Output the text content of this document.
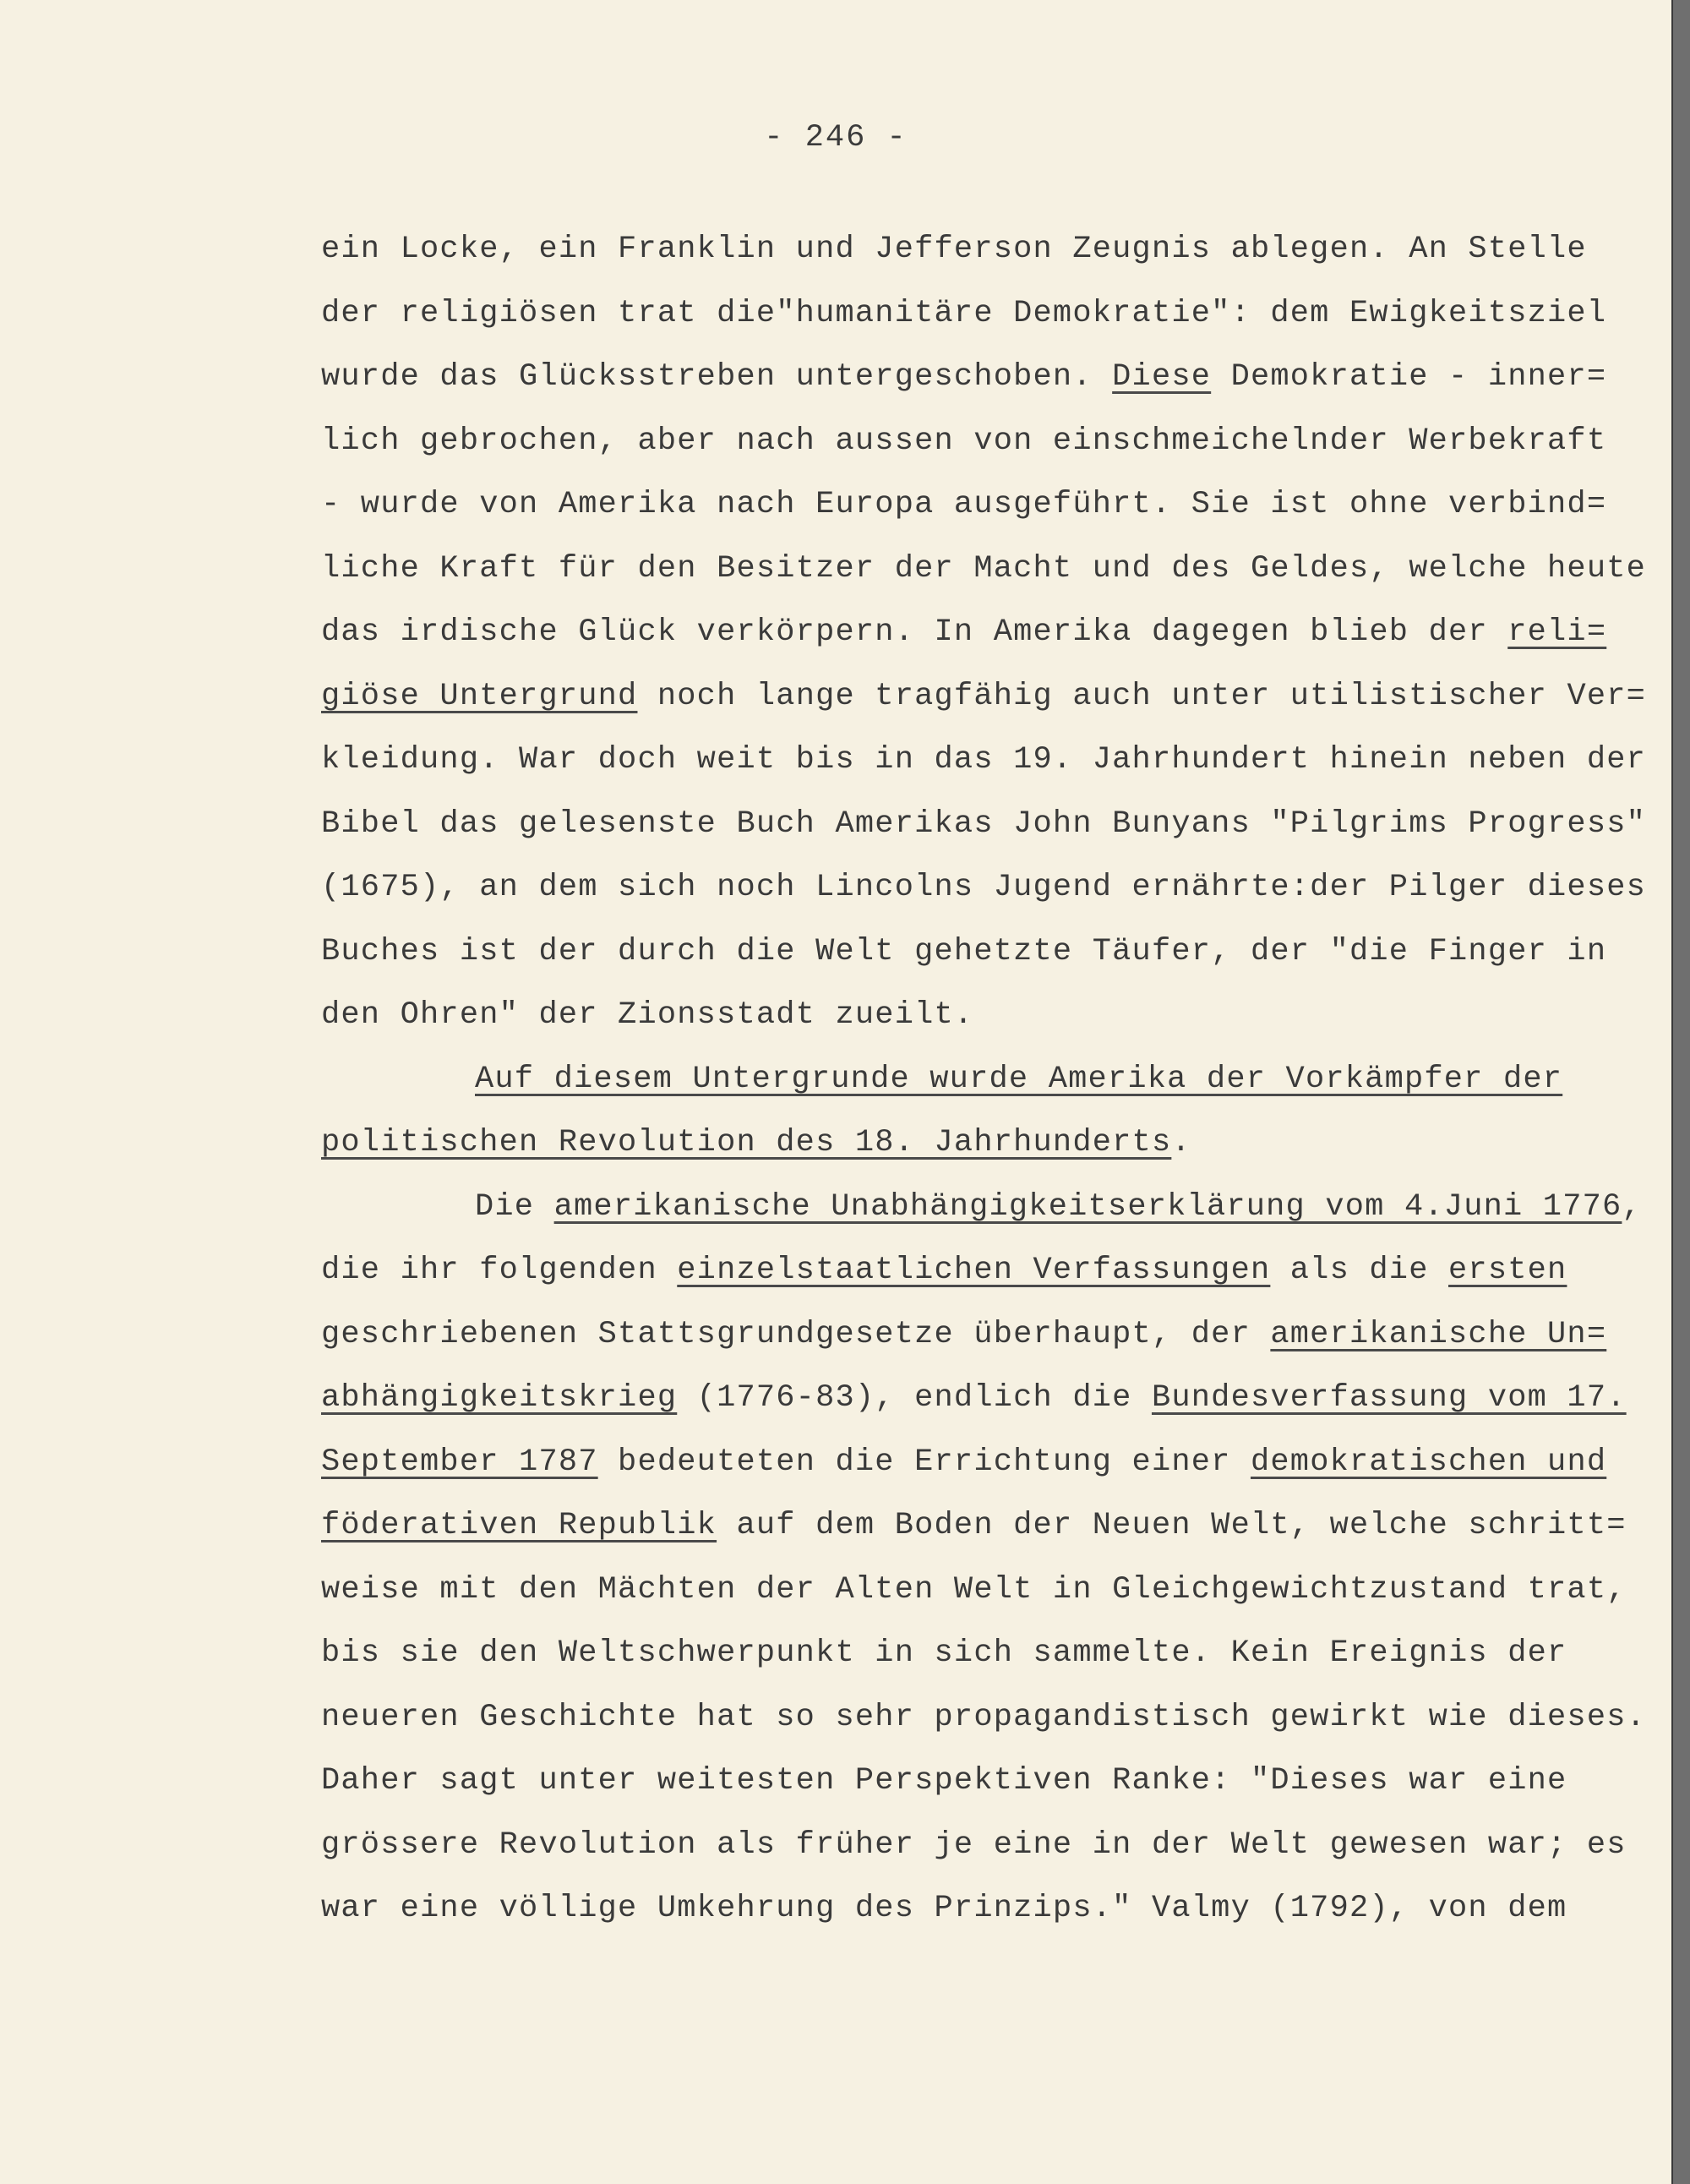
- 246 -
ein Locke, ein Franklin und Jefferson Zeugnis ablegen. An Stelle
der religiösen trat die"humanitäre Demokratie": dem Ewigkeitsziel
wurde das Glücksstreben untergeschoben. Diese Demokratie - inner=
lich gebrochen, aber nach aussen von einschmeichelnder Werbekraft
- wurde von Amerika nach Europa ausgeführt. Sie ist ohne verbind=
liche Kraft für den Besitzer der Macht und des Geldes, welche heute
das irdische Glück verkörpern. In Amerika dagegen blieb der reli=
giöse Untergrund noch lange tragfähig auch unter utilistischer Ver=
kleidung. War doch weit bis in das 19. Jahrhundert hinein neben der
Bibel das gelesenste Buch Amerikas John Bunyans "Pilgrims Progress"
(1675), an dem sich noch Lincolns Jugend ernährte:der Pilger dieses
Buches ist der durch die Welt gehetzte Täufer, der "die Finger in
den Ohren" der Zionsstadt zueilt.
Auf diesem Untergrunde wurde Amerika der Vorkämpfer der
politischen Revolution des 18. Jahrhunderts.
Die amerikanische Unabhängigkeitserklärung vom 4.Juni 1776,
die ihr folgenden einzelstaatlichen Verfassungen als die ersten
geschriebenen Stattsgrundgesetze überhaupt, der amerikanische Un=
abhängigkeitskrieg (1776-83), endlich die Bundesverfassung vom 17.
September 1787 bedeuteten die Errichtung einer demokratischen und
föderativen Republik auf dem Boden der Neuen Welt, welche schritt=
weise mit den Mächten der Alten Welt in Gleichgewichtzustand trat,
bis sie den Weltschwerpunkt in sich sammelte. Kein Ereignis der
neueren Geschichte hat so sehr propagandistisch gewirkt wie dieses.
Daher sagt unter weitesten Perspektiven Ranke: "Dieses war eine
grössere Revolution als früher je eine in der Welt gewesen war; es
war eine völlige Umkehrung des Prinzips." Valmy (1792), von dem
